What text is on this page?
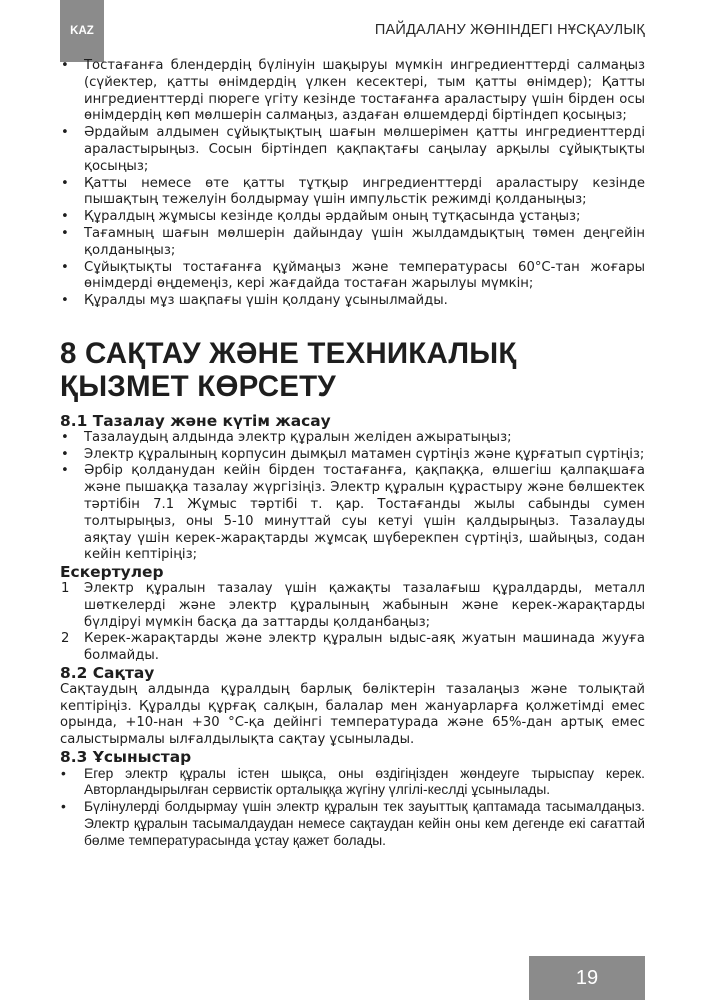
KAZ	ПАЙДАЛАНУ ЖӨНІНДЕГІ НҰСҚАУЛЫҚ
• Тостағанға блендердің бүлінуін шақыруы мүмкін ингредиенттерді салмаңыз (сүйектер, қатты өнімдердің үлкен кесектері, тым қатты өнімдер); Қатты ингредиенттерді пюреге үгіту кезінде тостағанға араластыру үшін бірден осы өнімдердің көп мөлшерін салмаңыз, аздаған өлшемдерді біртіндеп қосыңыз;
• Әрдайым алдымен сұйықтықтың шағын мөлшерімен қатты ингредиенттерді араластырыңыз. Сосын біртіндеп қақпақтағы саңылау арқылы сұйықтықты қосыңыз;
• Қатты немесе өте қатты тұтқыр ингредиенттерді араластыру кезінде пышақтың тежелуін болдырмау үшін импульстік режимді қолданыңыз;
• Құралдың жұмысы кезінде қолды әрдайым оның тұтқасында ұстаңыз;
• Тағамның шағын мөлшерін дайындау үшін жылдамдықтың төмен деңгейін қолданыңыз;
• Сұйықтықты тостағанға құймаңыз және температурасы 60°С-тан жоғары өнімдерді өңдемеңіз, кері жағдайда тостаған жарылуы мүмкін;
• Құралды мұз шақпағы үшін қолдану ұсынылмайды.
8 САҚТАУ ЖӘНЕ ТЕХНИКАЛЫҚ ҚЫЗМЕТ КӨРСЕТУ
8.1 Тазалау және күтім жасау
• Тазалаудың алдында электр құралын желіден ажыратыңыз;
• Электр құралының корпусин дымқыл матамен сүртіңіз және құрғатып сүртіңіз;
• Әрбір қолданудан кейін бірден тостағанға, қақпаққа, өлшегіш қалпақшаға және пышаққа тазалау жүргізіңіз. Электр құралын құрастыру және бөлшектек тәртібін 7.1 Жұмыс тәртібі т. қар. Тостағанды жылы сабынды сумен толтырыңыз, оны 5-10 минуттай суы кетуі үшін қалдырыңыз. Тазалауды аяқтау үшін керек-жарақтарды жұмсақ шүберекпен сүртіңіз, шайыңыз, содан кейін кептіріңіз;
Ескертулер
1 Электр құралын тазалау үшін қажақты тазалағыш құралдарды, металл шөткелерді және электр құралының жабынын және керек-жарақтарды бүлдіруі мүмкін басқа да заттарды қолданбаңыз;
2 Керек-жарақтарды және электр құралын ыдыс-аяқ жуатын машинада жууға болмайды.
8.2 Сақтау

Сақтаудың алдында құралдың барлық бөліктерін тазалаңыз және толықтай кептіріңіз. Құралды құрғақ салқын, балалар мен жануарларға қолжетімді емес орында, +10-нан +30 °С-қа дейінгі температурада және 65%-дан артық емес салыстырмалы ылғалдылықта сақтау ұсынылады.

8.3 Ұсыныстар
• Егер электр құралы істен шықса, оны өздігіңізден жөндеуге тырыспау керек. Авторландырылған сервистік орталыққа жүгіну үлгілі-кеслді ұсынылады.
• Бүлінулерді болдырмау үшін электр құралын тек зауыттық қаптамада тасымалдаңыз. Электр құралын тасымалдаудан немесе сақтаудан кейін оны кем дегенде екі сағаттай бөлме температурасында ұстау қажет болады.
19
